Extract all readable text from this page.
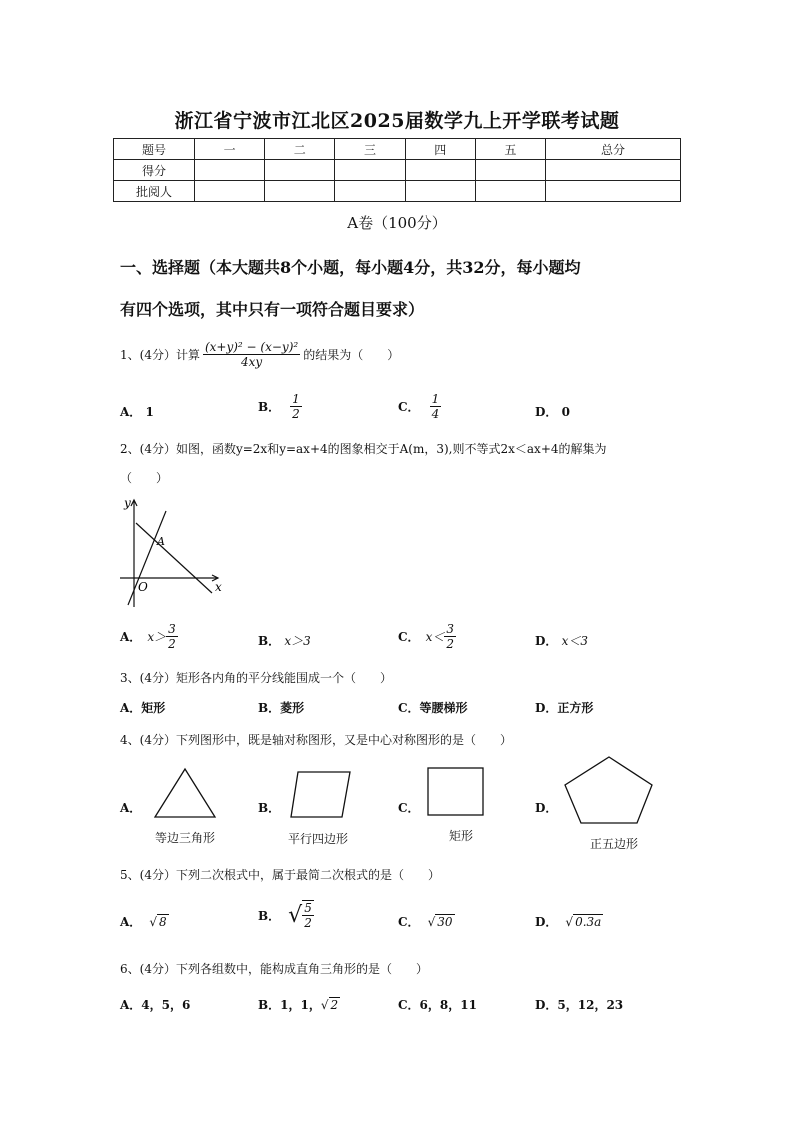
浙江省宁波市江北区2025届数学九上开学联考试题
题号	一	二	三	四	五	总分
得分						
批阅人						
A卷（100分）
一、选择题（本大题共8个小题，每小题4分，共32分，每小题均
有四个选项，其中只有一项符合题目要求）
1、(4分）计算 $\frac{\text{(x+y)² − (x−y)²}}{4xy}$ 的结果为（　　）
A． 1	B． $\frac{1}{2}$	C． $\frac{1}{4}$	D． 0
2、(4分）如图，函数y=2x和y=ax+4的图象相交于A(m，3),则不等式2x＜ax+4的解集为
（　　）
y
x
O
A
A． $x> \frac{3}{2}$	B． x＞3	C． $x< \frac{3}{2}$	D． x＜3
3、(4分）矩形各内角的平分线能围成一个（　　）
A．矩形	B．菱形	C．等腰梯形	D．正方形
4、(4分）下列图形中，既是轴对称图形，又是中心对称图形的是（　　）
A．
等边三角形
B．
平行四边形
C．
矩形
D．
正五边形
5、(4分）下列二次根式中，属于最简二次根式的是（　　）
A． √ 8	B． √ $\frac{5}{2}$	C． √ 30	D． √ 0.3a
6、(4分）下列各组数中，能构成直角三角形的是（　　）
A．4，5，6	B．1，1， √ 2	C．6，8，11	D．5，12，23
